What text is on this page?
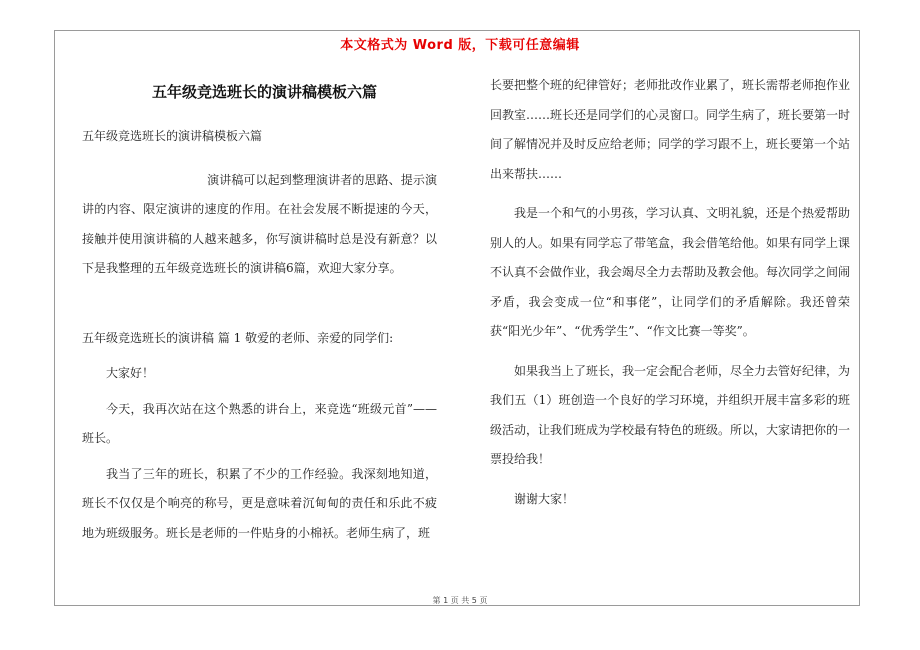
本文格式为 Word 版，下载可任意编辑
五年级竞选班长的演讲稿模板六篇

五年级竞选班长的演讲稿模板六篇

演讲稿可以起到整理演讲者的思路、提示演讲的内容、限定演讲的速度的作用。在社会发展不断提速的今天，接触并使用演讲稿的人越来越多，你写演讲稿时总是没有新意？以下是我整理的五年级竞选班长的演讲稿6篇，欢迎大家分享。

五年级竞选班长的演讲稿 篇 1 敬爱的老师、亲爱的同学们:

大家好！

今天，我再次站在这个熟悉的讲台上，来竞选“班级元首”——班长。

我当了三年的班长，积累了不少的工作经验。我深刻地知道，班长不仅仅是个响亮的称号，更是意味着沉甸甸的责任和乐此不疲地为班级服务。班长是老师的一件贴身的小棉袄。老师生病了，班

长要把整个班的纪律管好；老师批改作业累了，班长需帮老师抱作业回教室……班长还是同学们的心灵窗口。同学生病了，班长要第一时间了解情况并及时反应给老师；同学的学习跟不上，班长要第一个站出来帮扶……

我是一个和气的小男孩，学习认真、文明礼貌，还是个热爱帮助别人的人。如果有同学忘了带笔盒，我会借笔给他。如果有同学上课不认真不会做作业，我会竭尽全力去帮助及教会他。每次同学之间闹矛盾，我会变成一位“和事佬”，让同学们的矛盾解除。我还曾荣获“阳光少年”、“优秀学生”、“作文比赛一等奖”。

如果我当上了班长，我一定会配合老师，尽全力去管好纪律，为我们五（1）班创造一个良好的学习环境，并组织开展丰富多彩的班级活动，让我们班成为学校最有特色的班级。所以，大家请把你的一票投给我！

谢谢大家！

第 1 页 共 5 页
